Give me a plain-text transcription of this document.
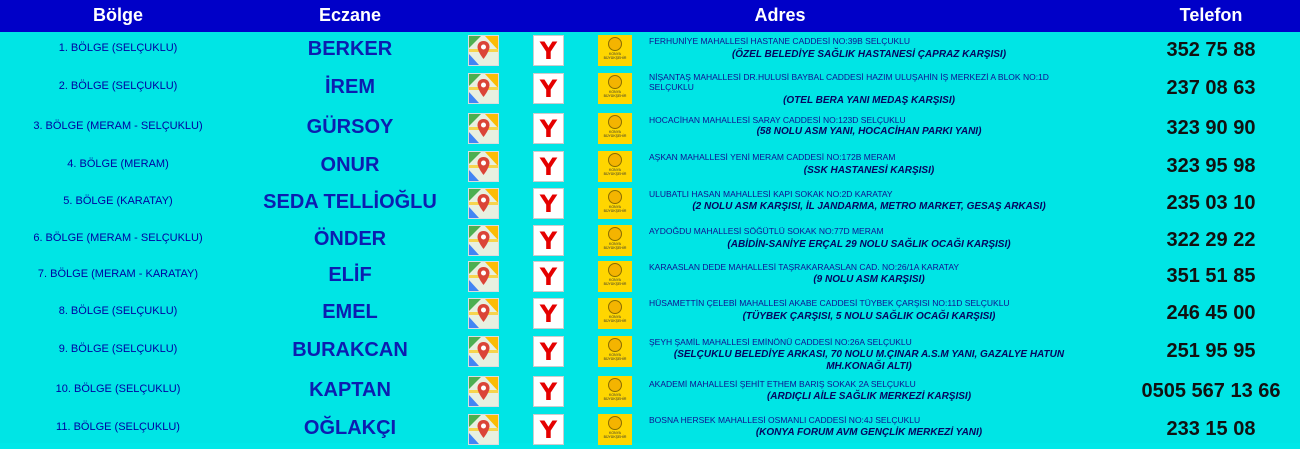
Bölge	Eczane	Adres	Telefon
1. BÖLGE (SELÇUKLU)	BERKER	Y	KONYA BÜYÜKŞEHİR
FERHUNİYE MAHALLESİ HASTANE CADDESİ NO:39B SELÇUKLU
(ÖZEL BELEDİYE SAĞLIK HASTANESİ ÇAPRAZ KARŞISI)	352 75 88
2. BÖLGE (SELÇUKLU)	İREM	Y	KONYA BÜYÜKŞEHİR
NİŞANTAŞ MAHALLESİ DR.HULUSİ BAYBAL CADDESİ HAZIM ULUŞAHİN İŞ MERKEZİ A BLOK NO:1D SELÇUKLU
(OTEL BERA YANI MEDAŞ KARŞISI)
237 08 63
3. BÖLGE (MERAM - SELÇUKLU)	GÜRSOY	Y	KONYA BÜYÜKŞEHİR
HOCACİHAN MAHALLESİ SARAY CADDESİ NO:123D SELÇUKLU
(58 NOLU ASM YANI, HOCACİHAN PARKI YANI)	323 90 90
4. BÖLGE (MERAM)	ONUR	Y	KONYA BÜYÜKŞEHİR
AŞKAN MAHALLESİ YENİ MERAM CADDESİ NO:172B MERAM
(SSK HASTANESİ KARŞISI)	323 95 98
5. BÖLGE (KARATAY)	SEDA TELLİOĞLU	Y	KONYA BÜYÜKŞEHİR
ULUBATLI HASAN MAHALLESİ KAPI SOKAK NO:2D KARATAY
(2 NOLU ASM KARŞISI, İL JANDARMA, METRO MARKET, GESAŞ ARKASI)	235 03 10
6. BÖLGE (MERAM - SELÇUKLU)	ÖNDER	Y	KONYA BÜYÜKŞEHİR
AYDOĞDU MAHALLESİ SÖĞÜTLÜ SOKAK NO:77D MERAM
(ABİDİN-SANİYE ERÇAL 29 NOLU SAĞLIK OCAĞI KARŞISI)	322 29 22
7. BÖLGE (MERAM - KARATAY)	ELİF	Y	KONYA BÜYÜKŞEHİR
KARAASLAN DEDE MAHALLESİ TAŞRAKARAASLAN CAD. NO:26/1A KARATAY
(9 NOLU ASM KARŞISI)	351 51 85
8. BÖLGE (SELÇUKLU)	EMEL	Y	KONYA BÜYÜKŞEHİR
HÜSAMETTİN ÇELEBİ MAHALLESİ AKABE CADDESİ TÜYBEK ÇARŞISI NO:11D SELÇUKLU
(TÜYBEK ÇARŞISI, 5 NOLU SAĞLIK OCAĞI KARŞISI)	246 45 00
9. BÖLGE (SELÇUKLU)	BURAKCAN	Y	KONYA BÜYÜKŞEHİR
ŞEYH ŞAMİL MAHALLESİ EMİNÖNÜ CADDESİ NO:26A SELÇUKLU
(SELÇUKLU BELEDİYE ARKASI, 70 NOLU M.ÇINAR A.S.M YANI, GAZALYE HATUN MH.KONAĞI ALTI)
251 95 95
10. BÖLGE (SELÇUKLU)	KAPTAN	Y	KONYA BÜYÜKŞEHİR
AKADEMİ MAHALLESİ ŞEHİT ETHEM BARIŞ SOKAK 2A SELÇUKLU
(ARDIÇLI AİLE SAĞLIK MERKEZİ KARŞISI)	0505 567 13 66
11. BÖLGE (SELÇUKLU)	OĞLAKÇI	Y	KONYA BÜYÜKŞEHİR
BOSNA HERSEK MAHALLESİ OSMANLI CADDESİ NO:4J SELÇUKLU
(KONYA FORUM AVM GENÇLİK MERKEZİ YANI)	233 15 08
